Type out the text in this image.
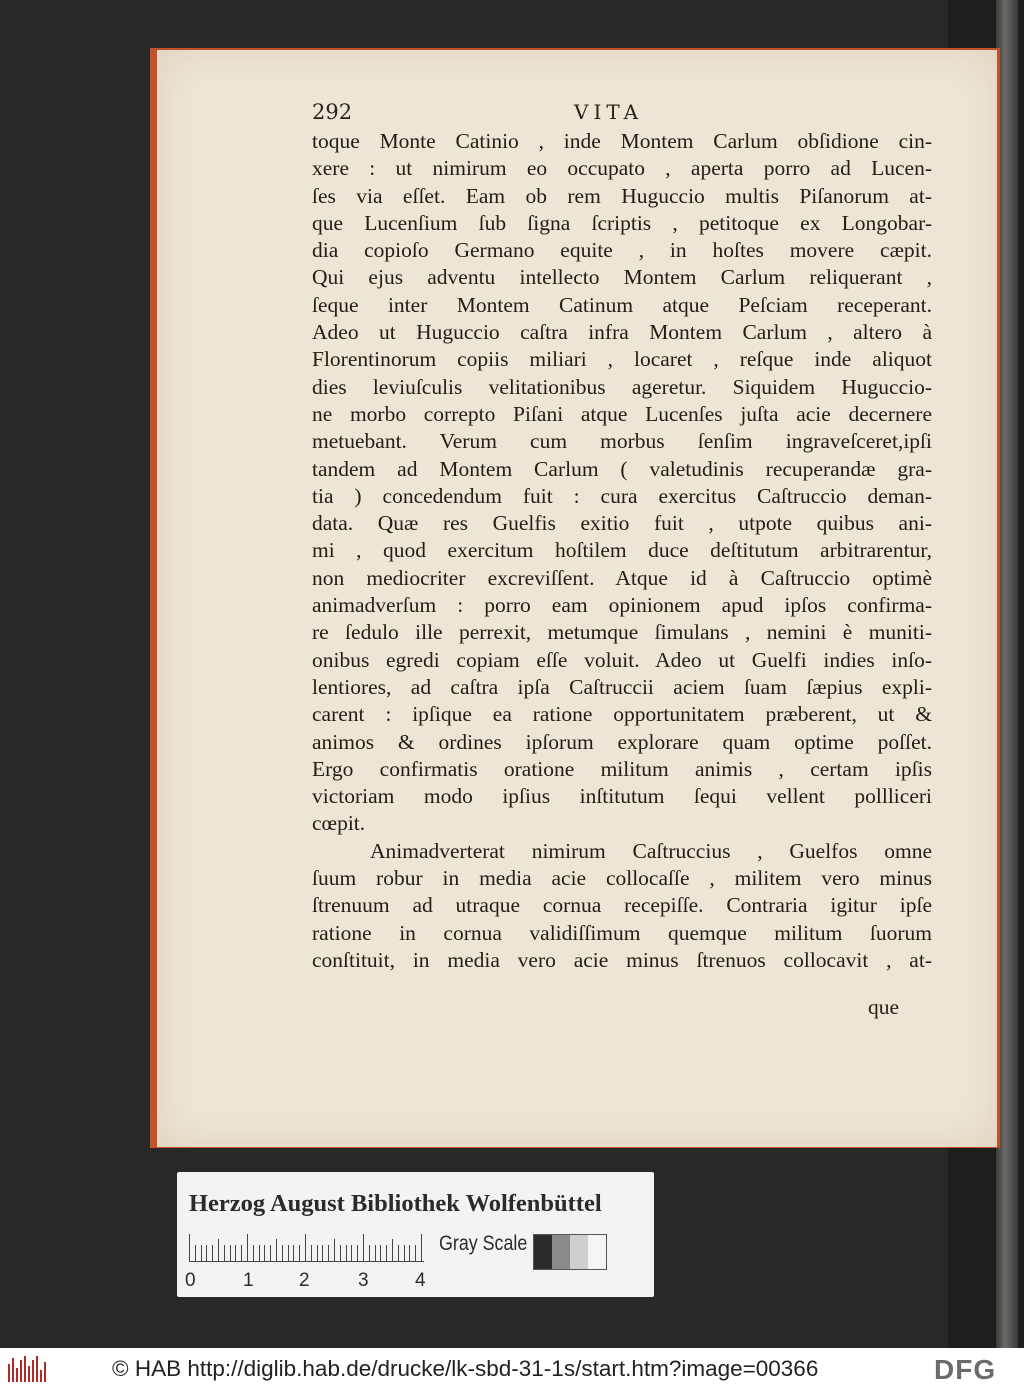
292	VITA
toque Monte Catinio , inde Montem Carlum obſidione cin-
xere : ut nimirum eo occupato , aperta porro ad Lucen-
ſes via eſſet. Eam ob rem Huguccio multis Piſanorum at-
que Lucenſium ſub ſigna ſcriptis , petitoque ex Longobar-
dia copioſo Germano equite , in hoſtes movere cæpit.
Qui ejus adventu intellecto Montem Carlum reliquerant ,
ſeque inter Montem Catinum atque Peſciam receperant.
Adeo ut Huguccio caſtra infra Montem Carlum , altero à
Florentinorum copiis miliari , locaret , reſque inde aliquot
dies leviuſculis velitationibus ageretur. Siquidem Huguccio-
ne morbo correpto Piſani atque Lucenſes juſta acie decernere
metuebant. Verum cum morbus ſenſim ingraveſceret,ipſi
tandem ad Montem Carlum ( valetudinis recuperandæ gra-
tia ) concedendum fuit : cura exercitus Caſtruccio deman-
data. Quæ res Guelfis exitio fuit , utpote quibus ani-
mi , quod exercitum hoſtilem duce deſtitutum arbitrarentur,
non mediocriter excreviſſent. Atque id à Caſtruccio optimè
animadverſum : porro eam opinionem apud ipſos confirma-
re ſedulo ille perrexit, metumque ſimulans , nemini è muniti-
onibus egredi copiam eſſe voluit. Adeo ut Guelfi indies inſo-
lentiores, ad caſtra ipſa Caſtruccii aciem ſuam ſæpius expli-
carent : ipſique ea ratione opportunitatem præberent, ut &
animos & ordines ipſorum explorare quam optime poſſet.
Ergo confirmatis oratione militum animis , certam ipſis
victoriam modo ipſius inſtitutum ſequi vellent pollliceri
cœpit.
Animadverterat nimirum Caſtruccius , Guelfos omne
ſuum robur in media acie collocaſſe , militem vero minus
ſtrenuum ad utraque cornua recepiſſe. Contraria igitur ipſe
ratione in cornua validiſſimum quemque militum ſuorum
conſtituit, in media vero acie minus ſtrenuos collocavit , at-
que
Herzog August Bibliothek Wolfenbüttel
0 1 2	3 4
Gray Scale
© HAB http://diglib.hab.de/drucke/lk-sbd-31-1s/start.htm?image=00366	DFG
